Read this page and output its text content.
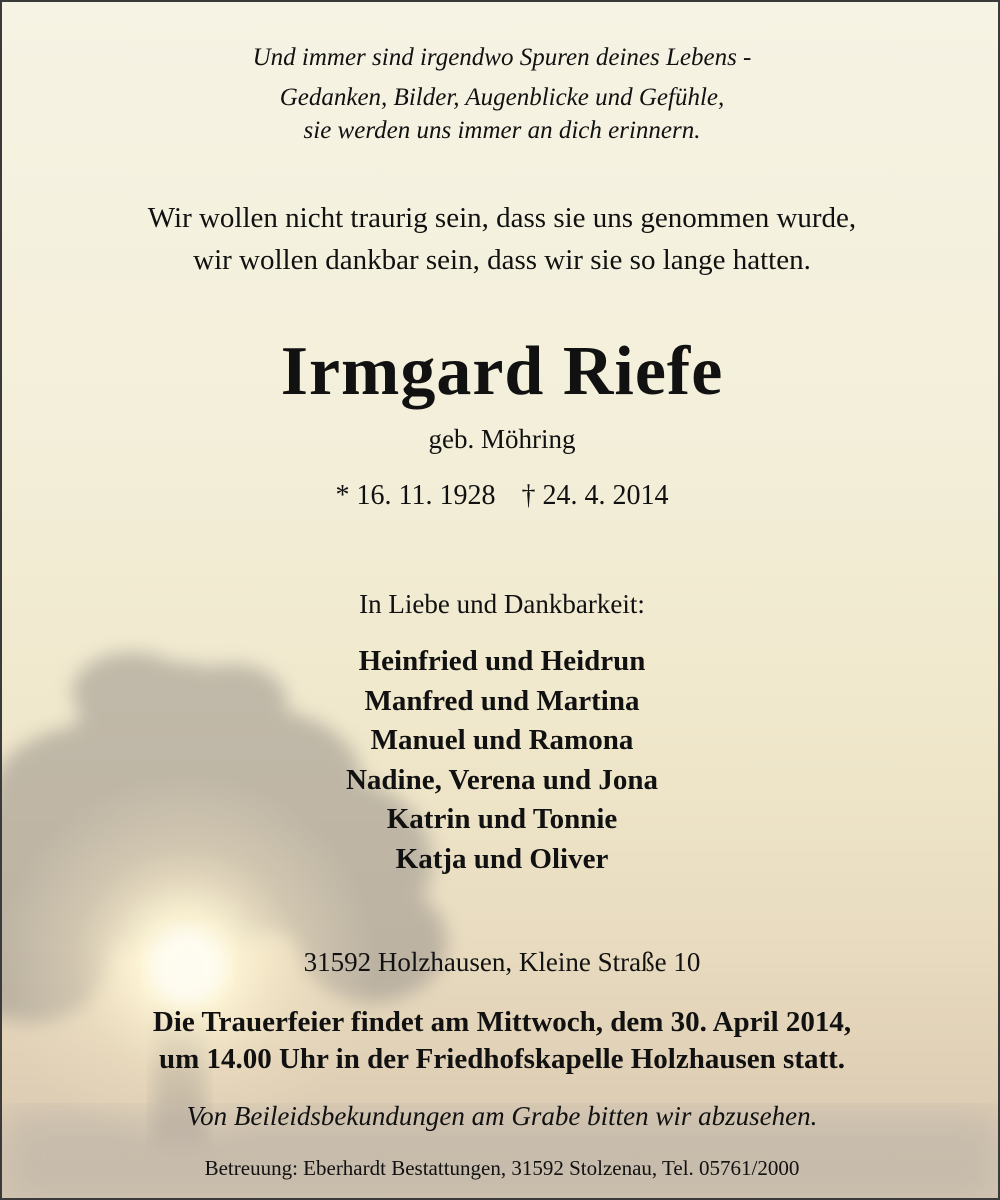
Und immer sind irgendwo Spuren deines Lebens -

Gedanken, Bilder, Augenblicke und Gefühle,

sie werden uns immer an dich erinnern.

Wir wollen nicht traurig sein, dass sie uns genommen wurde,

wir wollen dankbar sein, dass wir sie so lange hatten.

Irmgard Riefe

geb. Möhring

* 16. 11. 1928 † 24. 4. 2014

In Liebe und Dankbarkeit:

Heinfried und Heidrun
Manfred und Martina
Manuel und Ramona
Nadine, Verena und Jona
Katrin und Tonnie
Katja und Oliver

31592 Holzhausen, Kleine Straße 10

Die Trauerfeier findet am Mittwoch, dem 30. April 2014,

um 14.00 Uhr in der Friedhofskapelle Holzhausen statt.

Von Beileidsbekundungen am Grabe bitten wir abzusehen.

Betreuung: Eberhardt Bestattungen, 31592 Stolzenau, Tel. 05761/2000
